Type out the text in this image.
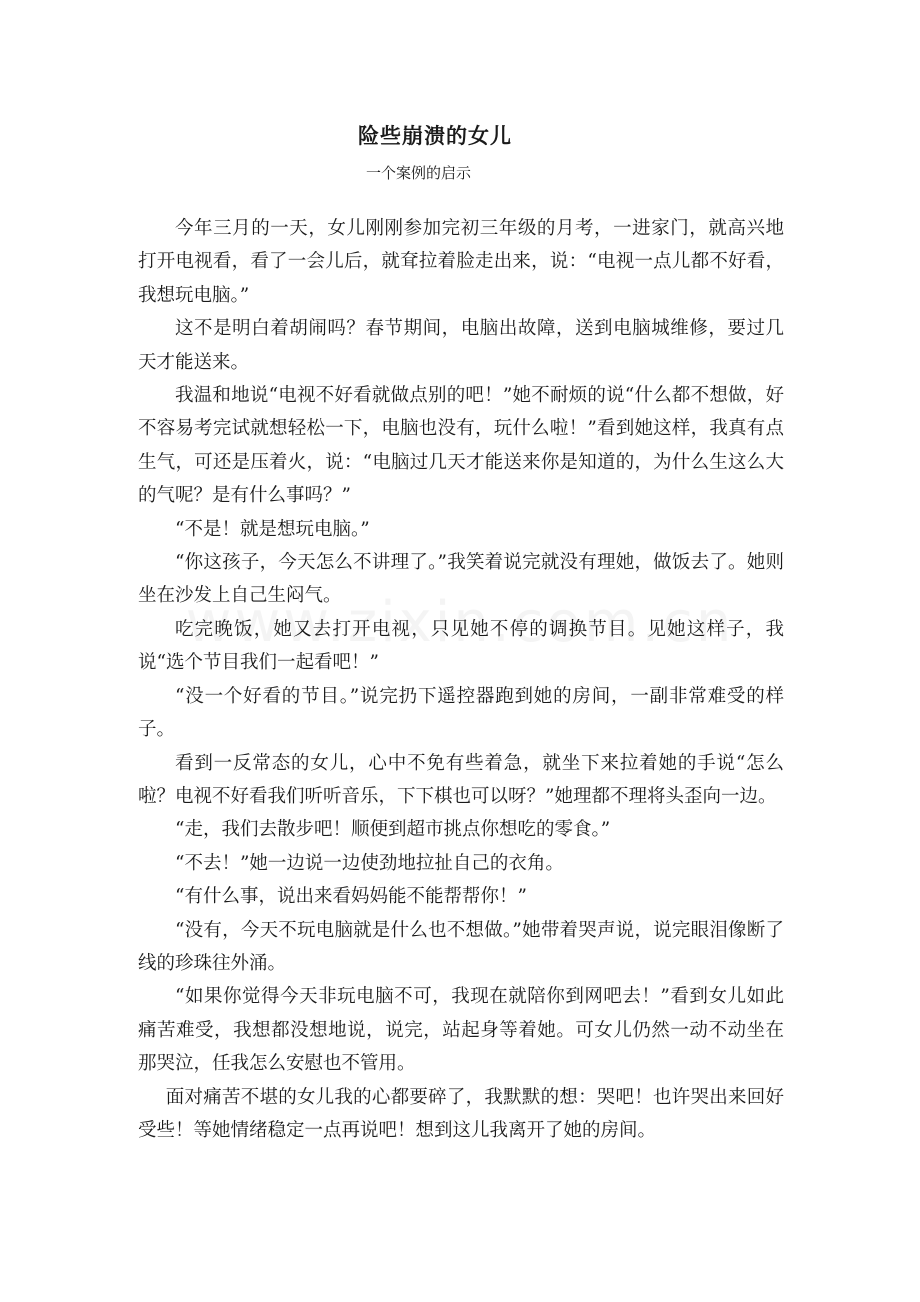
险些崩溃的女儿
一个案例的启示

今年三月的一天，女儿刚刚参加完初三年级的月考，一进家门，就高兴地打开电视看，看了一会儿后，就耷拉着脸走出来，说：“电视一点儿都不好看，我想玩电脑。”

这不是明白着胡闹吗？春节期间，电脑出故障，送到电脑城维修，要过几天才能送来。

我温和地说“电视不好看就做点别的吧！”她不耐烦的说“什么都不想做，好不容易考完试就想轻松一下，电脑也没有，玩什么啦！”看到她这样，我真有点生气，可还是压着火，说：“电脑过几天才能送来你是知道的，为什么生这么大的气呢？是有什么事吗？”

“不是！就是想玩电脑。”

“你这孩子，今天怎么不讲理了。”我笑着说完就没有理她，做饭去了。她则坐在沙发上自己生闷气。

吃完晚饭，她又去打开电视，只见她不停的调换节目。见她这样子，我说“选个节目我们一起看吧！”

“没一个好看的节目。”说完扔下遥控器跑到她的房间，一副非常难受的样子。

看到一反常态的女儿，心中不免有些着急，就坐下来拉着她的手说“怎么啦？电视不好看我们听听音乐，下下棋也可以呀？”她理都不理将头歪向一边。

“走，我们去散步吧！顺便到超市挑点你想吃的零食。”

“不去！”她一边说一边使劲地拉扯自己的衣角。

“有什么事，说出来看妈妈能不能帮帮你！”

“没有，今天不玩电脑就是什么也不想做。”她带着哭声说，说完眼泪像断了线的珍珠往外涌。

“如果你觉得今天非玩电脑不可，我现在就陪你到网吧去！”看到女儿如此痛苦难受，我想都没想地说，说完，站起身等着她。可女儿仍然一动不动坐在那哭泣，任我怎么安慰也不管用。

面对痛苦不堪的女儿我的心都要碎了，我默默的想：哭吧！也许哭出来回好受些！等她情绪稳定一点再说吧！想到这儿我离开了她的房间。
